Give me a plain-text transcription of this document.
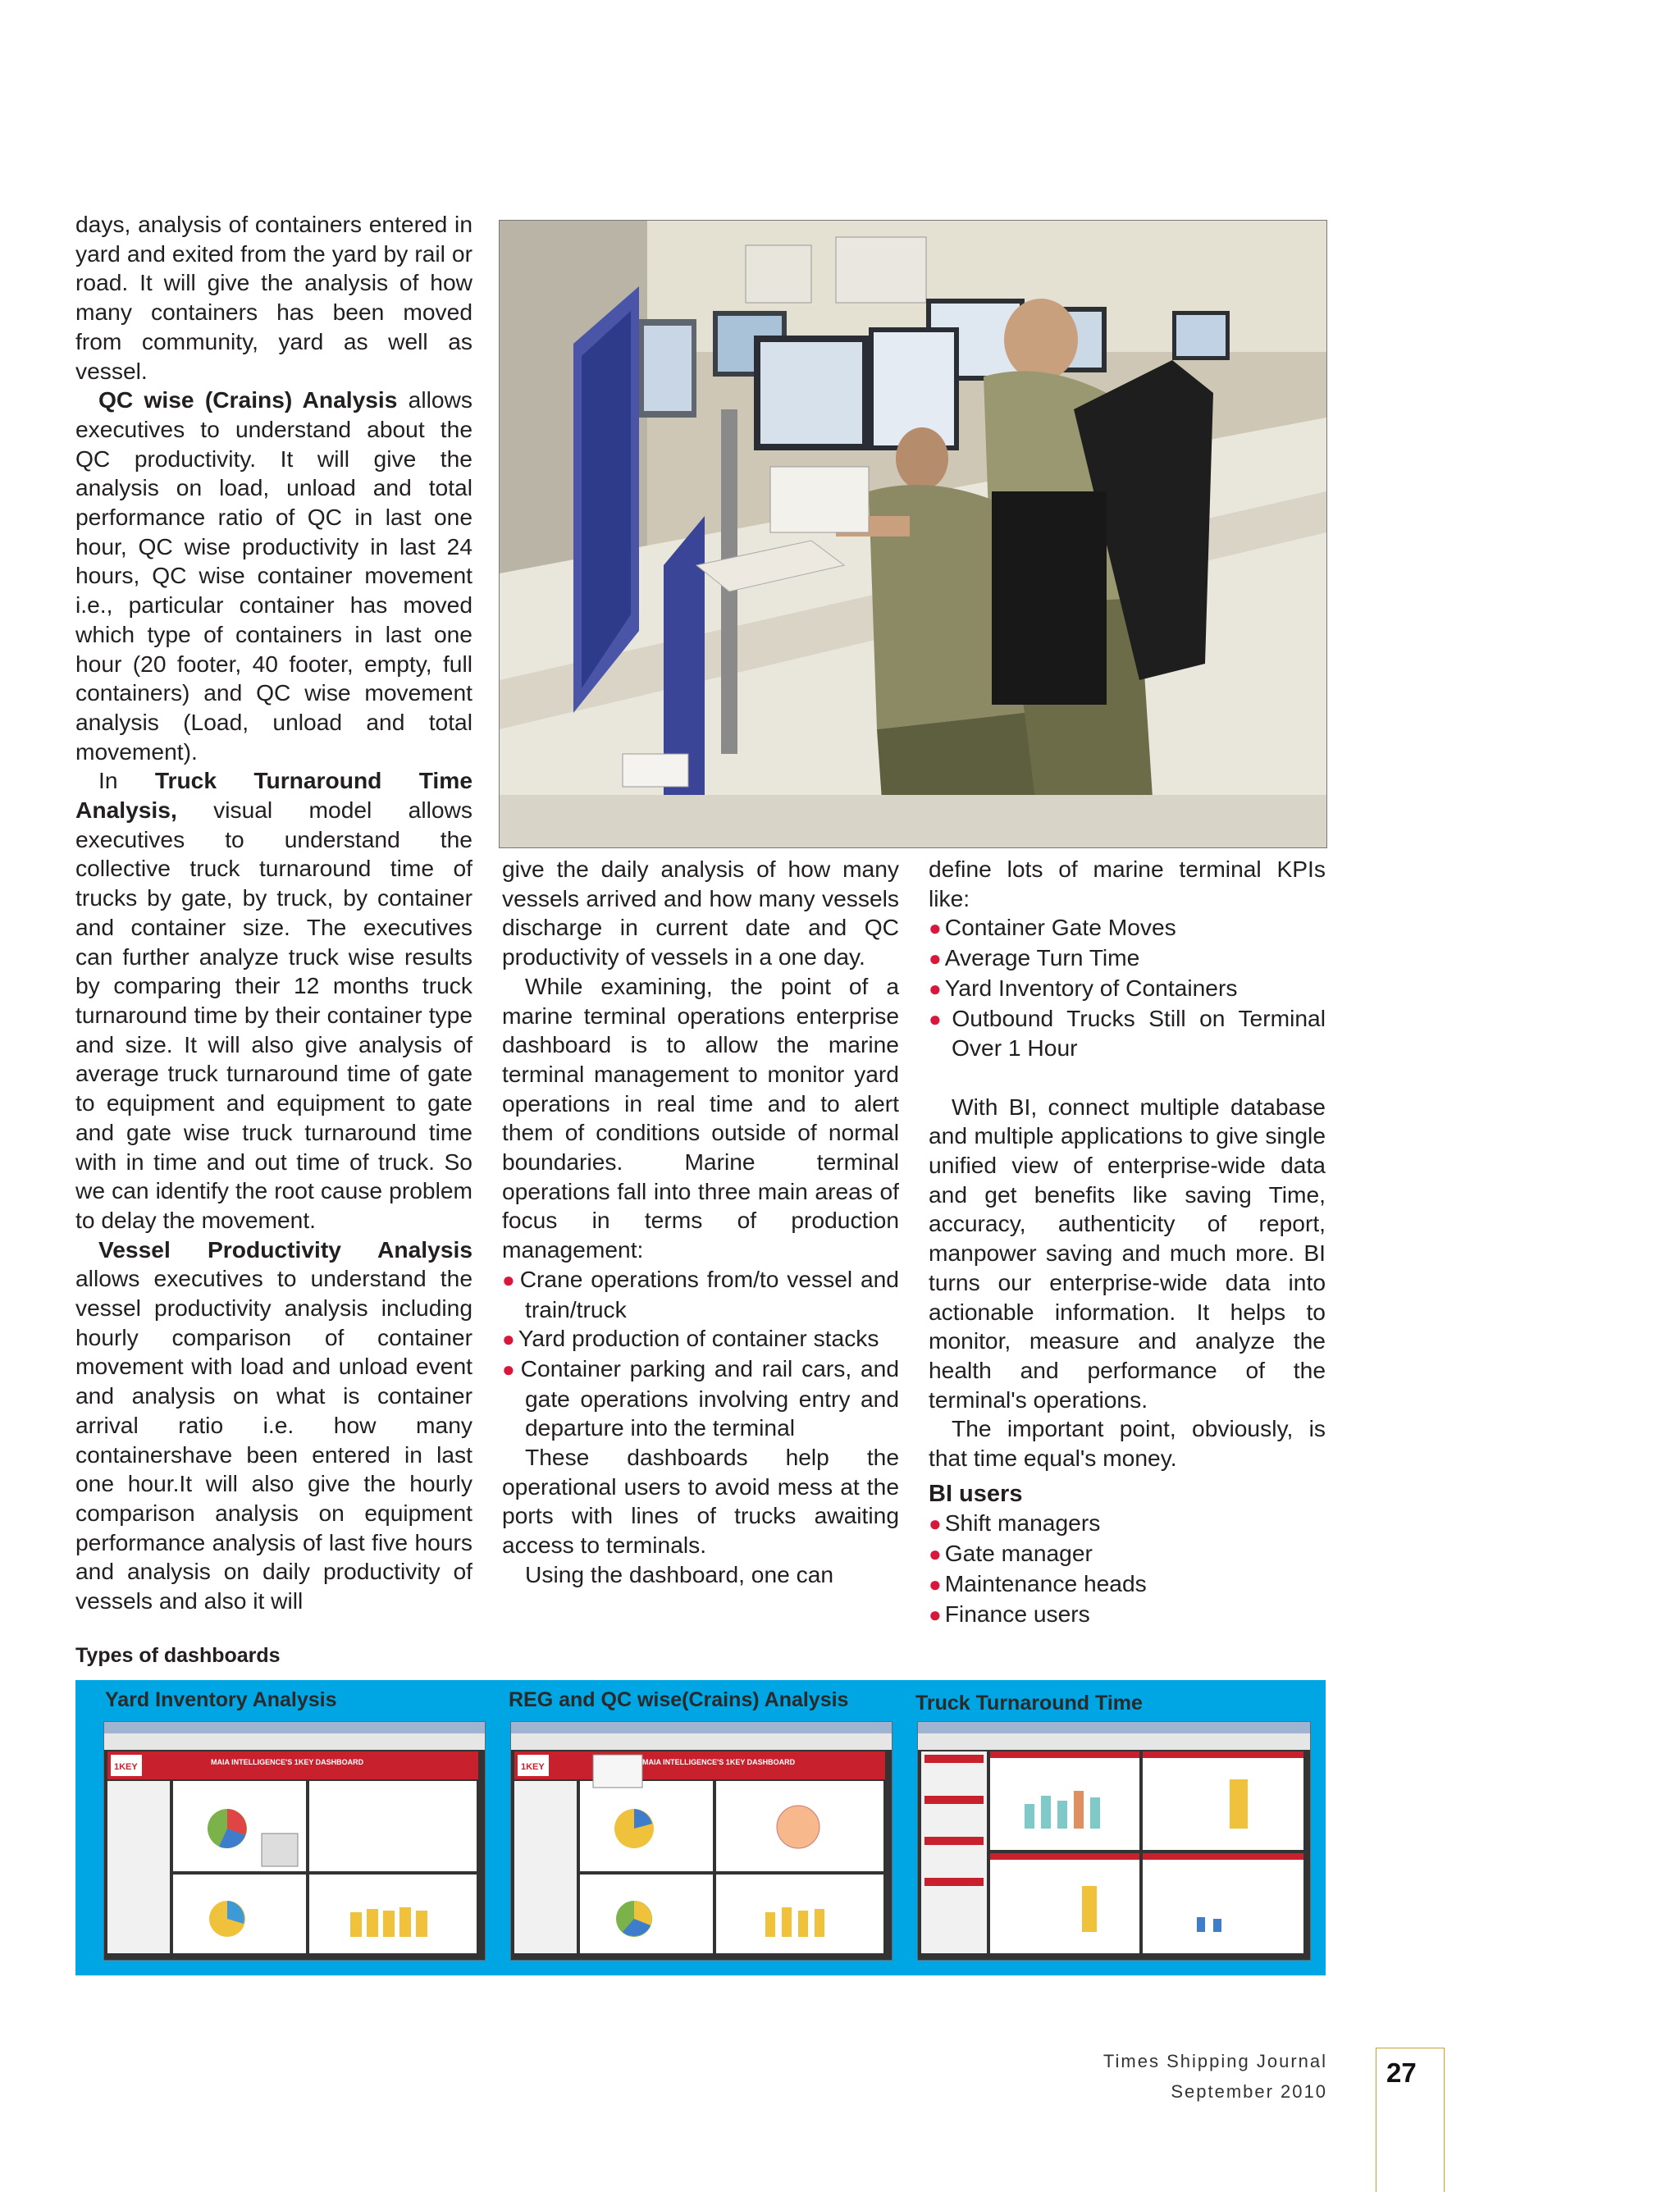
days, analysis of containers entered in yard and exited from the yard by rail or road. It will give the analysis of how many containers has been moved from community, yard as well as vessel.

QC wise (Crains) Analysis allows executives to understand about the QC productivity. It will give the analysis on load, unload and total performance ratio of QC in last one hour, QC wise productivity in last 24 hours, QC wise container movement i.e., particular container has moved which type of containers in last one hour (20 footer, 40 footer, empty, full containers) and QC wise movement analysis (Load, unload and total movement).

In Truck Turnaround Time Analysis, visual model allows executives to understand the collective truck turnaround time of trucks by gate, by truck, by container and container size. The executives can further analyze truck wise results by comparing their 12 months truck turnaround time by their container type and size. It will also give analysis of average truck turnaround time of gate to equipment and equipment to gate and gate wise truck turnaround time with in time and out time of truck. So we can identify the root cause problem to delay the movement.

Vessel Productivity Analysis allows executives to understand the vessel productivity analysis including hourly comparison of container movement with load and unload event and analysis on what is container arrival ratio i.e. how many containershave been entered in last one hour.It will also give the hourly comparison analysis on equipment performance analysis of last five hours and analysis on daily productivity of vessels and also it will

give the daily analysis of how many vessels arrived and how many vessels discharge in current date and QC productivity of vessels in a one day.

While examining, the point of a marine terminal operations enterprise dashboard is to allow the marine terminal management to monitor yard operations in real time and to alert them of conditions outside of normal boundaries. Marine terminal operations fall into three main areas of focus in terms of production management:

● Crane operations from/to vessel and train/truck

● Yard production of container stacks

● Container parking and rail cars, and gate operations involving entry and departure into the terminal

These dashboards help the operational users to avoid mess at the ports with lines of trucks awaiting access to terminals.

Using the dashboard, one can

define lots of marine terminal KPIs like:

● Container Gate Moves

● Average Turn Time

● Yard Inventory of Containers

● Outbound Trucks Still on Terminal Over 1 Hour

With BI, connect multiple database and multiple applications to give single unified view of enterprise-wide data and get benefits like saving Time, accuracy, authenticity of report, manpower saving and much more. BI turns our enterprise-wide data into actionable information. It helps to monitor, measure and analyze the health and performance of the terminal's operations.

The important point, obviously, is that time equal's money.

BI users

● Shift managers

● Gate manager

● Maintenance heads

● Finance users

Types of dashboards
Yard Inventory Analysis	REG and QC wise(Crains) Analysis	Truck Turnaround Time
1KEY	MAIA INTELLIGENCE'S 1KEY DASHBOARD	1KEY	MAIA INTELLIGENCE'S 1KEY DASHBOARD
Times Shipping Journal
September 2010
27
